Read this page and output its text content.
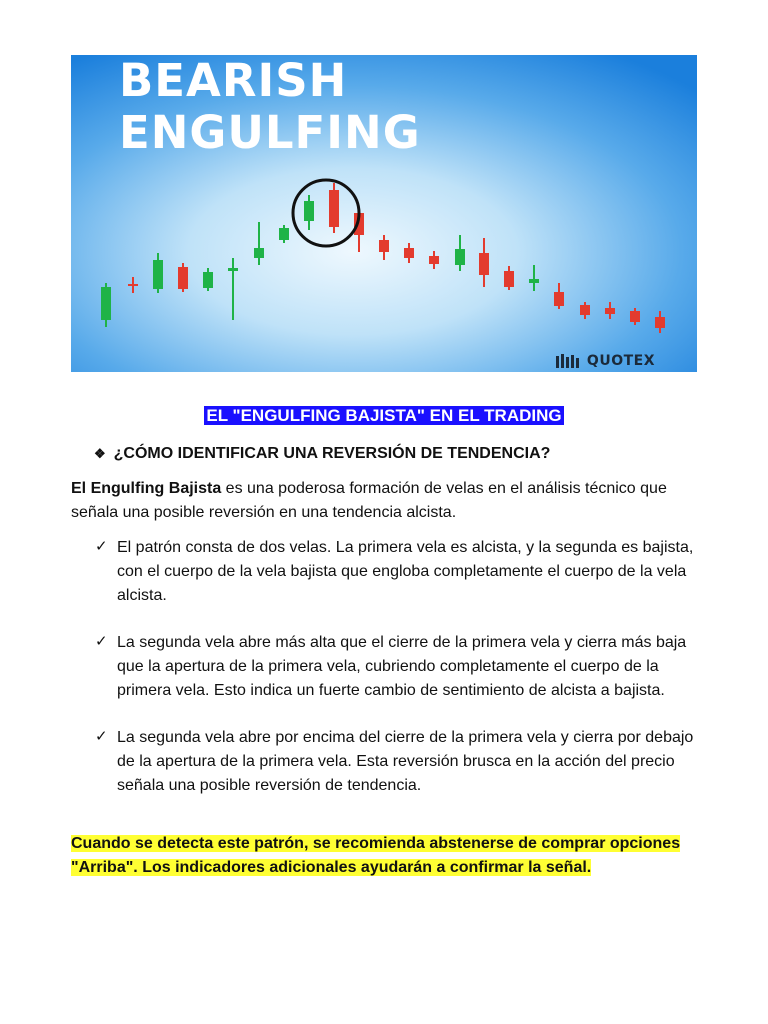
BEARISH
ENGULFING
QUOTEX
EL "ENGULFING BAJISTA" EN EL TRADING
❖ ¿CÓMO IDENTIFICAR UNA REVERSIÓN DE TENDENCIA?

El Engulfing Bajista es una poderosa formación de velas en el análisis técnico que señala una posible reversión en una tendencia alcista.

✓ El patrón consta de dos velas. La primera vela es alcista, y la segunda es bajista, con el cuerpo de la vela bajista que engloba completamente el cuerpo de la vela alcista.
✓ La segunda vela abre más alta que el cierre de la primera vela y cierra más baja que la apertura de la primera vela, cubriendo completamente el cuerpo de la primera vela. Esto indica un fuerte cambio de sentimiento de alcista a bajista.
✓ La segunda vela abre por encima del cierre de la primera vela y cierra por debajo de la apertura de la primera vela. Esta reversión brusca en la acción del precio señala una posible reversión de tendencia.

Cuando se detecta este patrón, se recomienda abstenerse de comprar opciones "Arriba". Los indicadores adicionales ayudarán a confirmar la señal.
